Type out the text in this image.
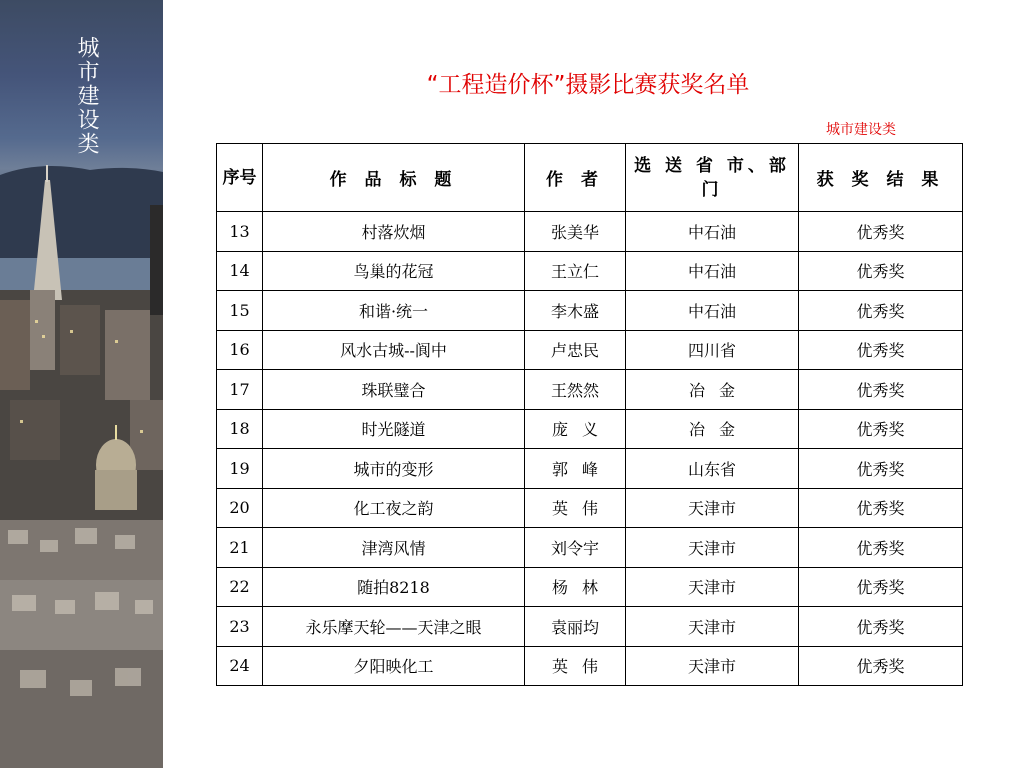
城市建设类	“工程造价杯”摄影比赛获奖名单
城市建设类
序号	作 品 标 题	作 者	选 送 省 市、部 门	获 奖 结 果
13	村落炊烟	张美华	中石油	优秀奖
14	鸟巢的花冠	王立仁	中石油	优秀奖
15	和谐·统一	李木盛	中石油	优秀奖
16	风水古城--阆中	卢忠民	四川省	优秀奖
17	珠联璧合	王然然	冶金	优秀奖
18	时光隧道	庞义	冶金	优秀奖
19	城市的变形	郭峰	山东省	优秀奖
20	化工夜之韵	英伟	天津市	优秀奖
21	津湾风情	刘令宇	天津市	优秀奖
22	随拍8218	杨林	天津市	优秀奖
23	永乐摩天轮——天津之眼	袁丽均	天津市	优秀奖
24	夕阳映化工	英伟	天津市	优秀奖
